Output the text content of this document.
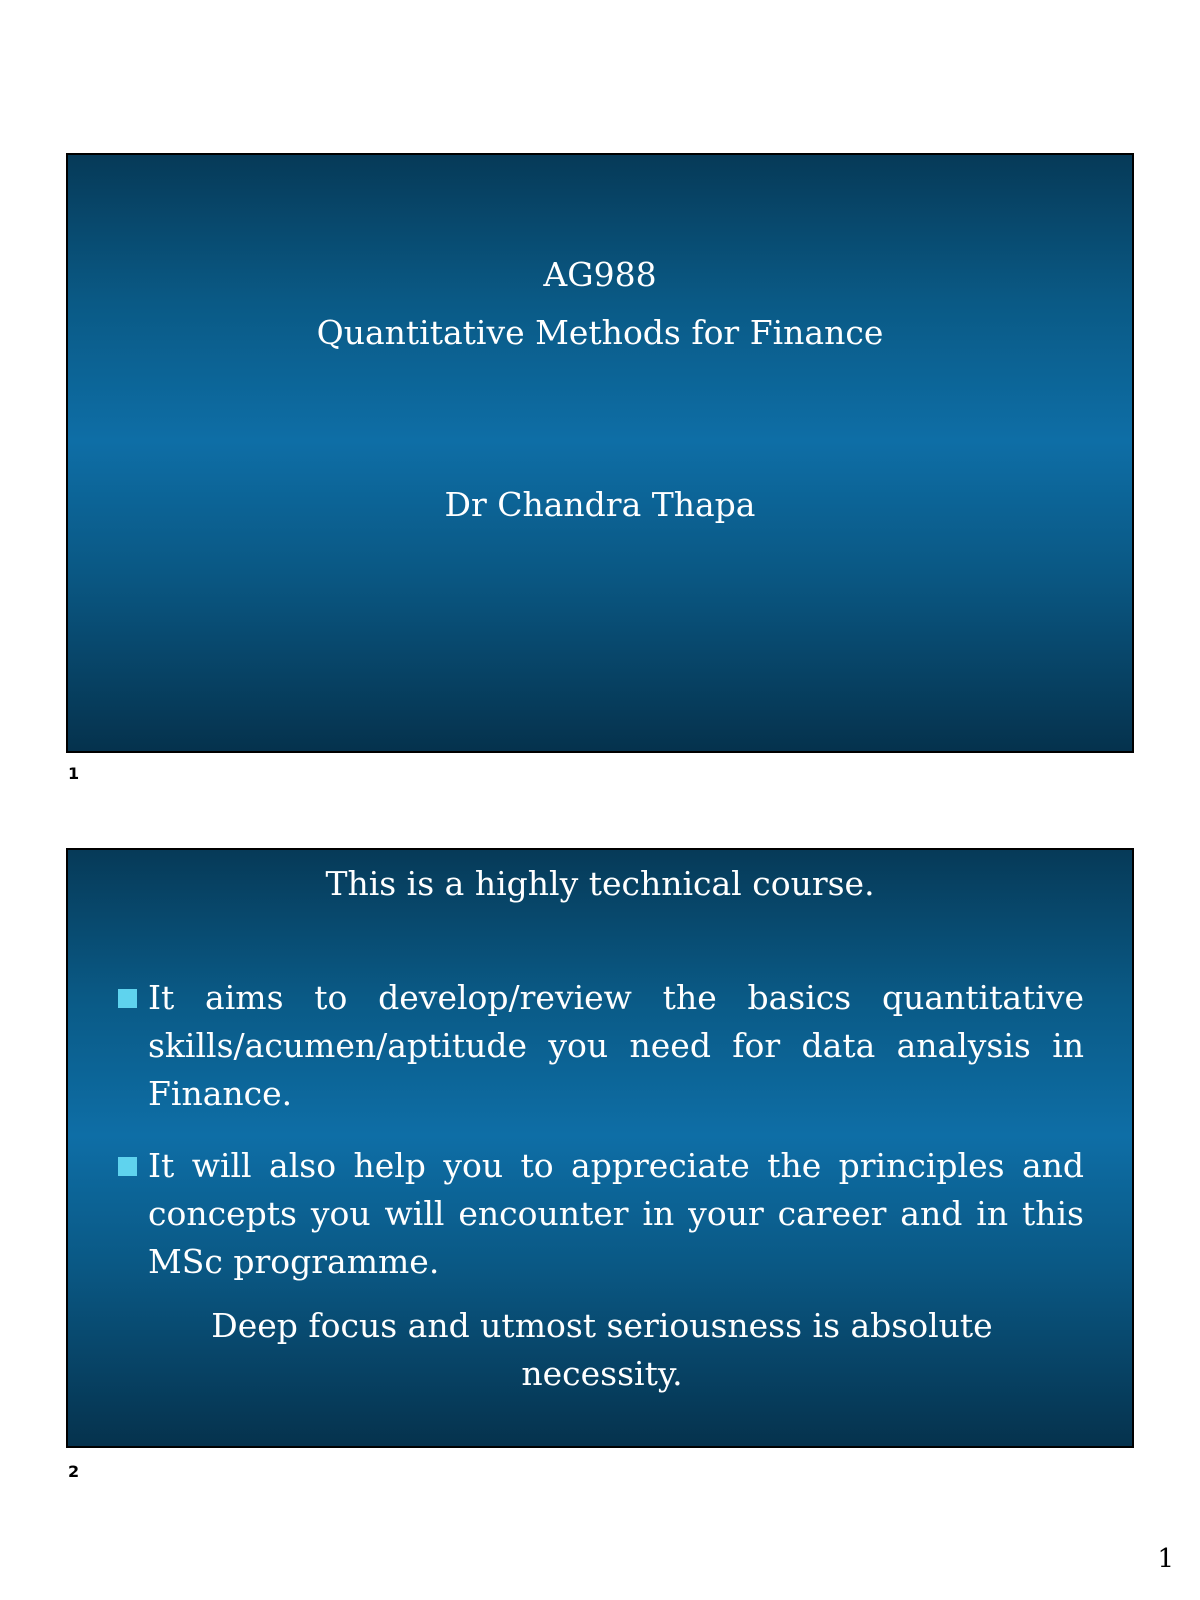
AG988
Quantitative Methods for Finance
Dr Chandra Thapa
1
This is a highly technical course.
It aims to develop/review the basics quantitative skills/acumen/aptitude you need for data analysis in Finance.
It will also help you to appreciate the principles and concepts you will encounter in your career and in this MSc programme.
Deep focus and utmost seriousness is absolute necessity.
2
1
